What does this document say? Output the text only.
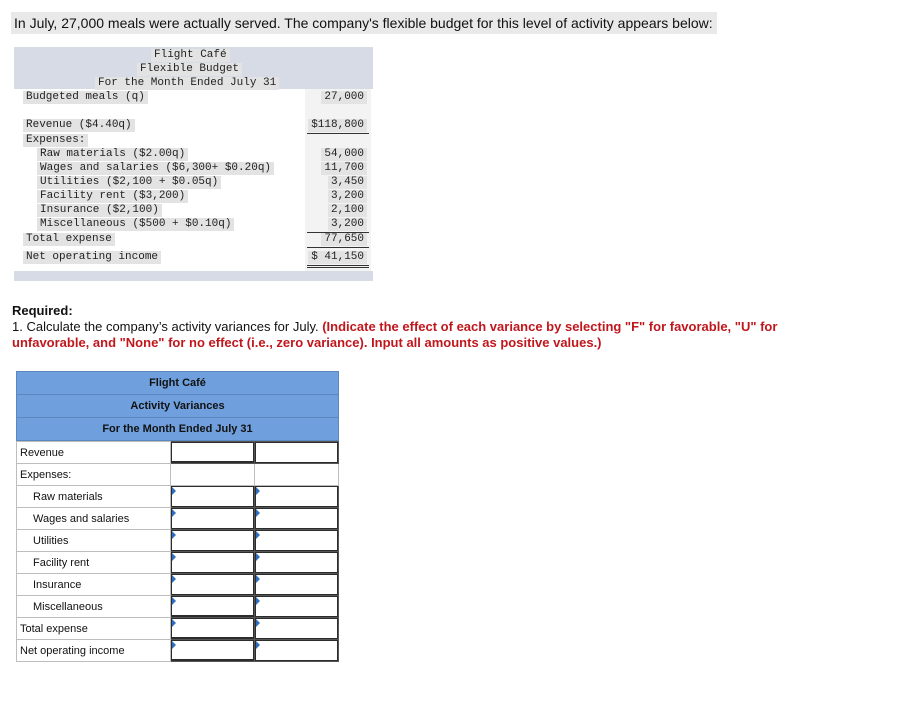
In July, 27,000 meals were actually served. The company's flexible budget for this level of activity appears below:
Flight Café
Flexible Budget
For the Month Ended July 31
Budgeted meals (q)	27,000
Revenue ($4.40q)	$118,800
Expenses:
Raw materials ($2.00q)	54,000
Wages and salaries ($6,300+ $0.20q)	11,700
Utilities ($2,100 + $0.05q)	3,450
Facility rent ($3,200)	3,200
Insurance ($2,100)	2,100
Miscellaneous ($500 + $0.10q)	3,200
Total expense	77,650
Net operating income	$ 41,150
Required:
1. Calculate the company’s activity variances for July. (Indicate the effect of each variance by selecting "F" for favorable, "U" for unfavorable, and "None" for no effect (i.e., zero variance). Input all amounts as positive values.)
Flight Café
Activity Variances
For the Month Ended July 31
Revenue	

Expenses:		
Raw materials	

Wages and salaries	

Utilities	

Facility rent	

Insurance	

Miscellaneous	

Total expense	

Net operating income	
